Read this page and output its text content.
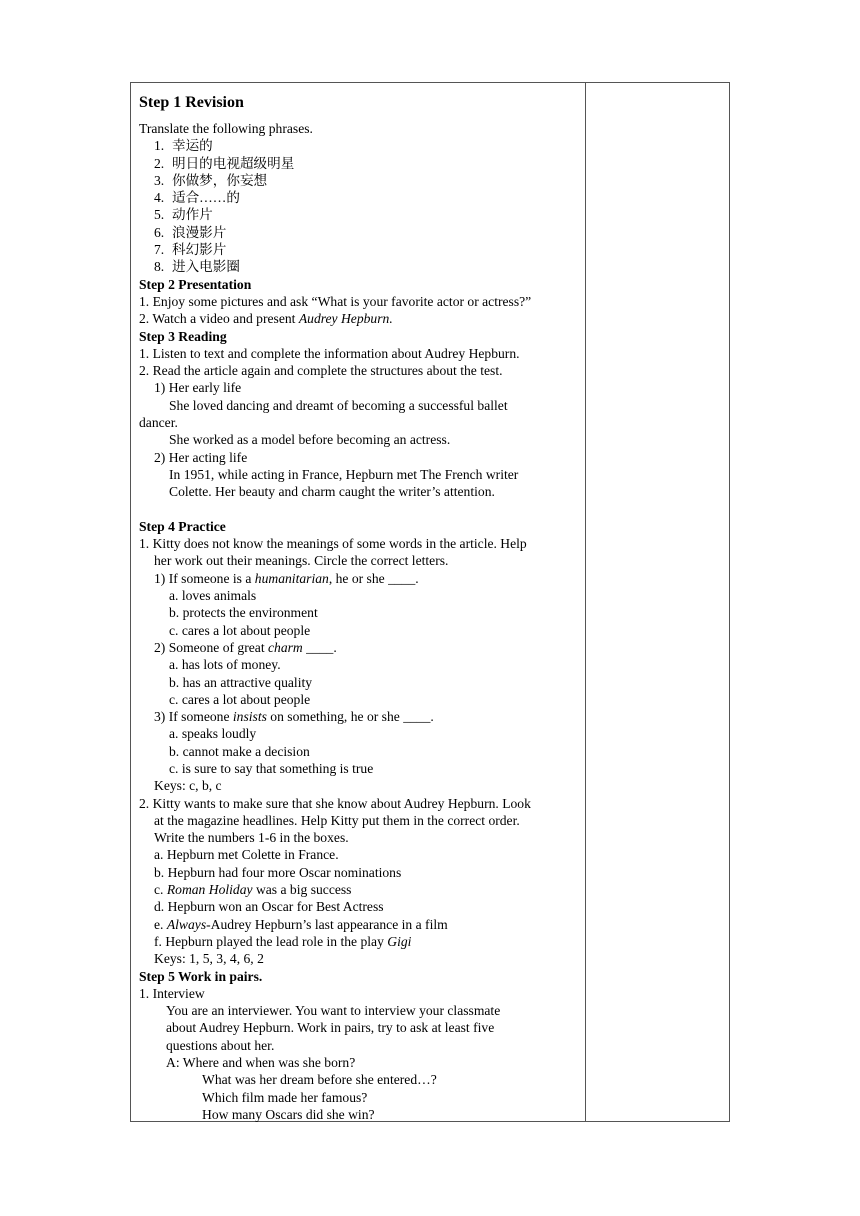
Step 1 Revision
Translate the following phrases.
1. 幸运的
2. 明日的电视超级明星
3. 你做梦，你妄想
4. 适合……的
5. 动作片
6. 浪漫影片
7. 科幻影片
8. 进入电影圈
Step 2 Presentation
1. Enjoy some pictures and ask “What is your favorite actor or actress?”
2. Watch a video and present Audrey Hepburn.
Step 3 Reading
1. Listen to text and complete the information about Audrey Hepburn.
2. Read the article again and complete the structures about the test.
1) Her early life
She loved dancing and dreamt of becoming a successful ballet
dancer.
She worked as a model before becoming an actress.
2) Her acting life
In 1951, while acting in France, Hepburn met The French writer
Colette. Her beauty and charm caught the writer’s attention.
Step 4 Practice
1. Kitty does not know the meanings of some words in the article. Help
her work out their meanings. Circle the correct letters.
1) If someone is a humanitarian, he or she ____.
a. loves animals
b. protects the environment
c. cares a lot about people
2) Someone of great charm ____.
a. has lots of money.
b. has an attractive quality
c. cares a lot about people
3) If someone insists on something, he or she ____.
a. speaks loudly
b. cannot make a decision
c. is sure to say that something is true
Keys: c, b, c
2. Kitty wants to make sure that she know about Audrey Hepburn. Look
at the magazine headlines. Help Kitty put them in the correct order.
Write the numbers 1-6 in the boxes.
a. Hepburn met Colette in France.
b. Hepburn had four more Oscar nominations
c. Roman Holiday was a big success
d. Hepburn won an Oscar for Best Actress
e. Always-Audrey Hepburn’s last appearance in a film
f. Hepburn played the lead role in the play Gigi
Keys: 1, 5, 3, 4, 6, 2
Step 5 Work in pairs.
1. Interview
You are an interviewer. You want to interview your classmate
about Audrey Hepburn. Work in pairs, try to ask at least five
questions about her.
A: Where and when was she born?
What was her dream before she entered…?
Which film made her famous?
How many Oscars did she win?
